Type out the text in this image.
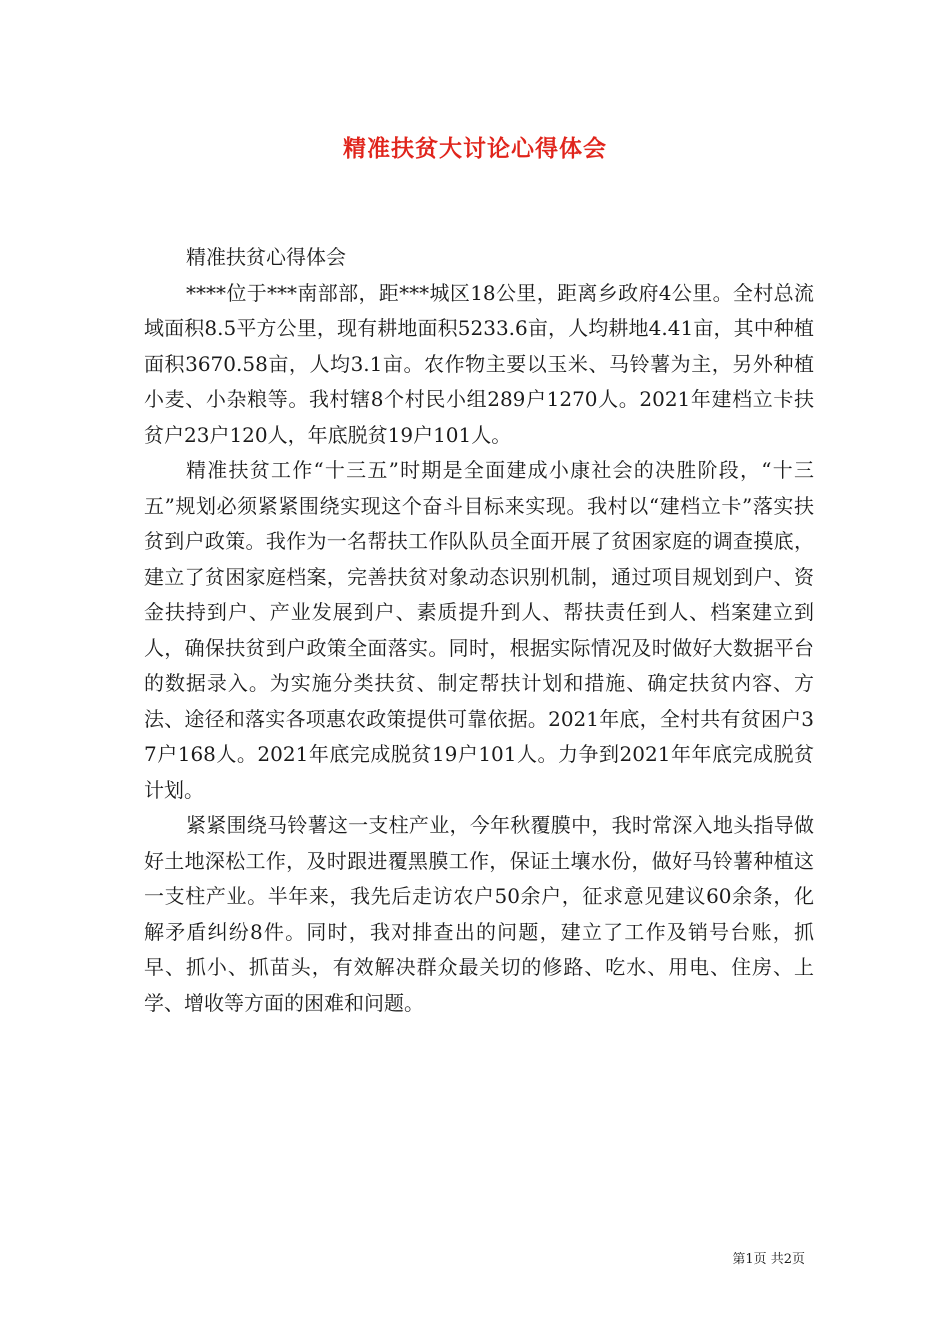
精准扶贫大讨论心得体会

精准扶贫心得体会

****位于***南部部，距***城区18公里，距离乡政府4公里。全村总流域面积8.5平方公里，现有耕地面积5233.6亩，人均耕地4.41亩，其中种植面积3670.58亩，人均3.1亩。农作物主要以玉米、马铃薯为主，另外种植小麦、小杂粮等。我村辖8个村民小组289户1270人。2021年建档立卡扶贫户23户120人，年底脱贫19户101人。

精准扶贫工作“十三五”时期是全面建成小康社会的决胜阶段，“十三五”规划必须紧紧围绕实现这个奋斗目标来实现。我村以“建档立卡”落实扶贫到户政策。我作为一名帮扶工作队队员全面开展了贫困家庭的调查摸底，建立了贫困家庭档案，完善扶贫对象动态识别机制，通过项目规划到户、资金扶持到户、产业发展到户、素质提升到人、帮扶责任到人、档案建立到人，确保扶贫到户政策全面落实。同时，根据实际情况及时做好大数据平台的数据录入。为实施分类扶贫、制定帮扶计划和措施、确定扶贫内容、方法、途径和落实各项惠农政策提供可靠依据。2021年底，全村共有贫困户37户168人。2021年底完成脱贫19户101人。力争到2021年年底完成脱贫计划。

紧紧围绕马铃薯这一支柱产业，今年秋覆膜中，我时常深入地头指导做好土地深松工作，及时跟进覆黑膜工作，保证土壤水份，做好马铃薯种植这一支柱产业。半年来，我先后走访农户50余户，征求意见建议60余条，化解矛盾纠纷8件。同时，我对排查出的问题，建立了工作及销号台账，抓早、抓小、抓苗头，有效解决群众最关切的修路、吃水、用电、住房、上学、增收等方面的困难和问题。

第1页 共2页
